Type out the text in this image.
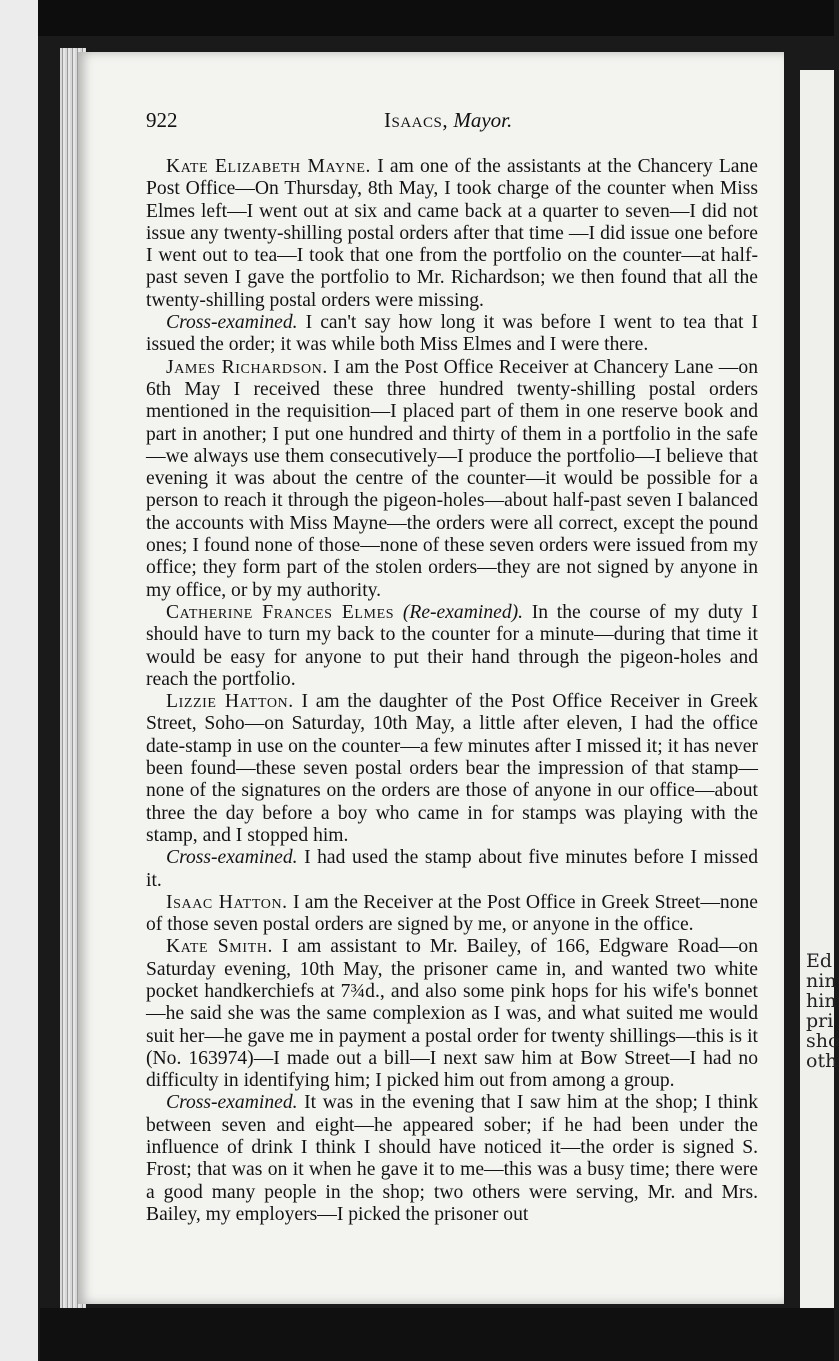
Ed
nin
hin
pri
sho
oth
922	Isaacs, Mayor.

Kate Elizabeth Mayne. I am one of the assistants at the Chancery Lane Post Office—On Thursday, 8th May, I took charge of the counter when Miss Elmes left—I went out at six and came back at a quarter to seven—I did not issue any twenty-shilling postal orders after that time —I did issue one before I went out to tea—I took that one from the portfolio on the counter—at half-past seven I gave the portfolio to Mr. Richardson; we then found that all the twenty-shilling postal orders were missing.

Cross-examined. I can't say how long it was before I went to tea that I issued the order; it was while both Miss Elmes and I were there.

James Richardson. I am the Post Office Receiver at Chancery Lane —on 6th May I received these three hundred twenty-shilling postal orders mentioned in the requisition—I placed part of them in one reserve book and part in another; I put one hundred and thirty of them in a portfolio in the safe—we always use them consecutively—I produce the portfolio—I believe that evening it was about the centre of the counter—it would be possible for a person to reach it through the pigeon-holes—about half-past seven I balanced the accounts with Miss Mayne—the orders were all correct, except the pound ones; I found none of those—none of these seven orders were issued from my office; they form part of the stolen orders—they are not signed by anyone in my office, or by my authority.

Catherine Frances Elmes (Re-examined). In the course of my duty I should have to turn my back to the counter for a minute—during that time it would be easy for anyone to put their hand through the pigeon-holes and reach the portfolio.

Lizzie Hatton. I am the daughter of the Post Office Receiver in Greek Street, Soho—on Saturday, 10th May, a little after eleven, I had the office date-stamp in use on the counter—a few minutes after I missed it; it has never been found—these seven postal orders bear the impression of that stamp—none of the signatures on the orders are those of anyone in our office—about three the day before a boy who came in for stamps was playing with the stamp, and I stopped him.

Cross-examined. I had used the stamp about five minutes before I missed it.

Isaac Hatton. I am the Receiver at the Post Office in Greek Street—none of those seven postal orders are signed by me, or anyone in the office.

Kate Smith. I am assistant to Mr. Bailey, of 166, Edgware Road—on Saturday evening, 10th May, the prisoner came in, and wanted two white pocket handkerchiefs at 7¾d., and also some pink hops for his wife's bonnet—he said she was the same complexion as I was, and what suited me would suit her—he gave me in payment a postal order for twenty shillings—this is it (No. 163974)—I made out a bill—I next saw him at Bow Street—I had no difficulty in identifying him; I picked him out from among a group.

Cross-examined. It was in the evening that I saw him at the shop; I think between seven and eight—he appeared sober; if he had been under the influence of drink I think I should have noticed it—the order is signed S. Frost; that was on it when he gave it to me—this was a busy time; there were a good many people in the shop; two others were serving, Mr. and Mrs. Bailey, my employers—I picked the prisoner out
